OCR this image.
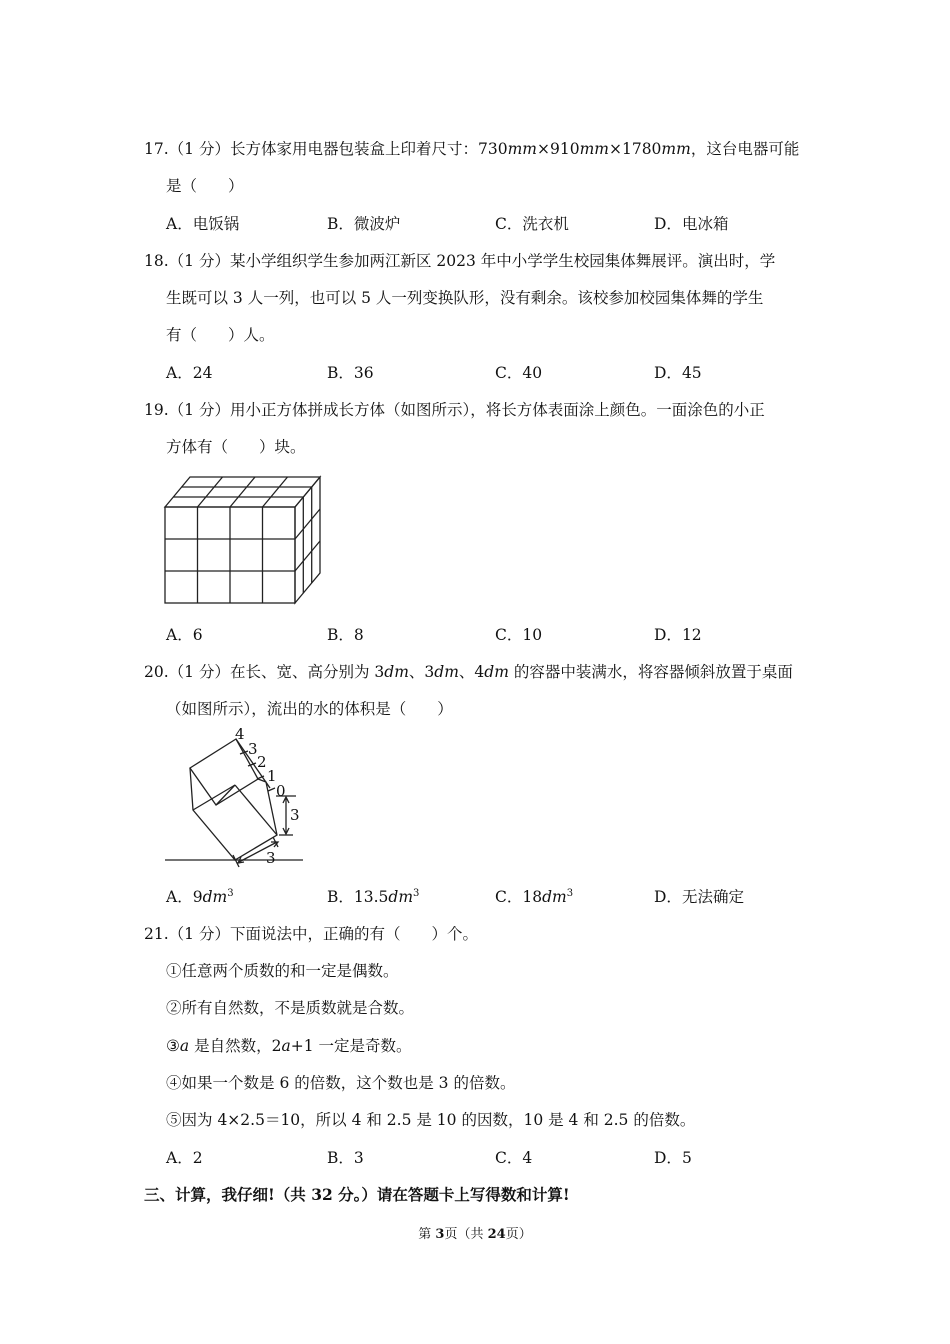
17.（1 分）长方体家用电器包装盒上印着尺寸：730mm×910mm×1780mm，这台电器可能
是（　　）
A．电饭锅	B．微波炉	C．洗衣机	D．电冰箱
18.（1 分）某小学组织学生参加两江新区 2023 年中小学学生校园集体舞展评。演出时，学
生既可以 3 人一列，也可以 5 人一列变换队形，没有剩余。该校参加校园集体舞的学生
有（　　）人。
A．24	B．36	C．40	D．45
19.（1 分）用小正方体拼成长方体（如图所示），将长方体表面涂上颜色。一面涂色的小正
方体有（　　）块。
A．6	B．8	C．10	D．12
20.（1 分）在长、宽、高分别为 3dm、3dm、4dm 的容器中装满水，将容器倾斜放置于桌面
（如图所示），流出的水的体积是（　　）
4
3
2
1
0
3
3
A．$9dm^3$	B．$13.5dm^3$	C．$18dm^3$	D．无法确定
21.（1 分）下面说法中，正确的有（　　）个。
①任意两个质数的和一定是偶数。
②所有自然数，不是质数就是合数。
③a 是自然数，2a+1 一定是奇数。
④如果一个数是 6 的倍数，这个数也是 3 的倍数。
⑤因为 4×2.5＝10，所以 4 和 2.5 是 10 的因数，10 是 4 和 2.5 的倍数。
A．2	B．3	C．4	D．5
三、计算，我仔细!（共 32 分。）请在答题卡上写得数和计算!
第 3页（共 24页）
